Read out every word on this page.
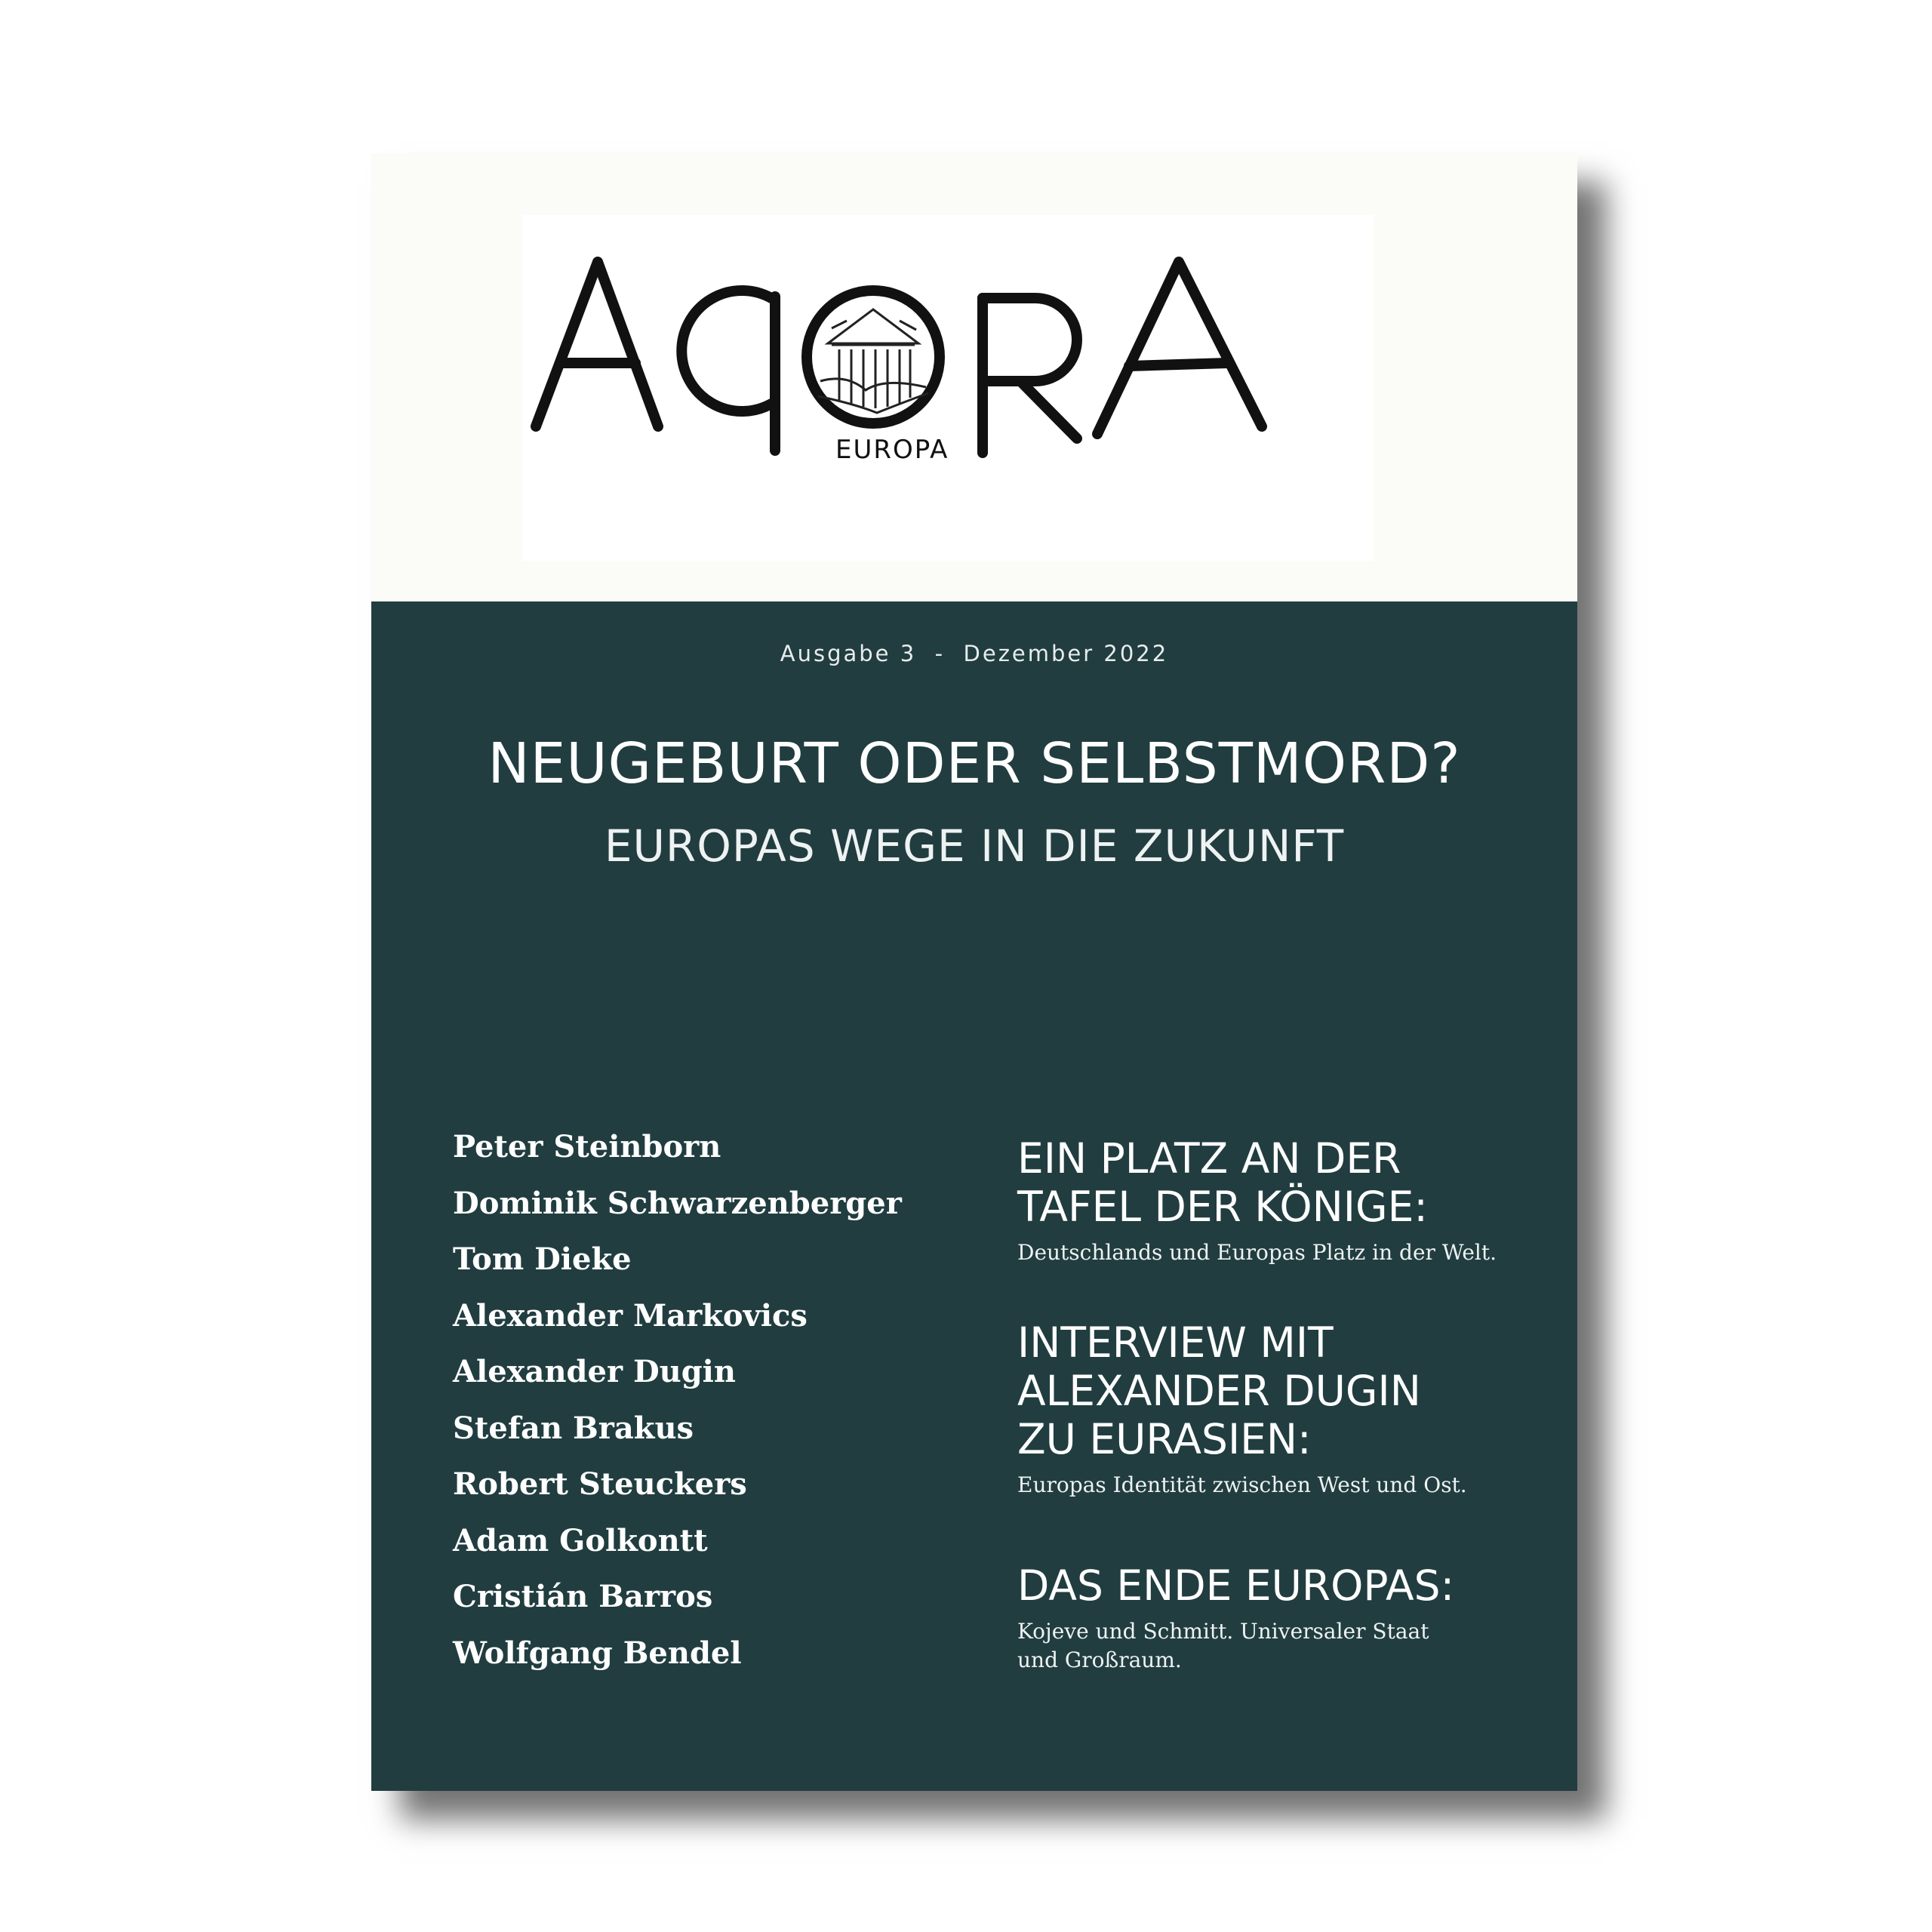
EUROPA
Ausgabe 3  -  Dezember 2022
NEUGEBURT ODER SELBSTMORD?
EUROPAS WEGE IN DIE ZUKUNFT
Peter Steinborn
Dominik Schwarzenberger
Tom Dieke
Alexander Markovics
Alexander Dugin
Stefan Brakus
Robert Steuckers
Adam Golkontt
Cristián Barros
Wolfgang Bendel

EIN PLATZ AN DER
TAFEL DER KÖNIGE:

Deutschlands und Europas Platz in der Welt.

INTERVIEW MIT
ALEXANDER DUGIN
ZU EURASIEN:

Europas Identität zwischen West und Ost.

DAS ENDE EUROPAS:

Kojeve und Schmitt. Universaler Staat und Großraum.
